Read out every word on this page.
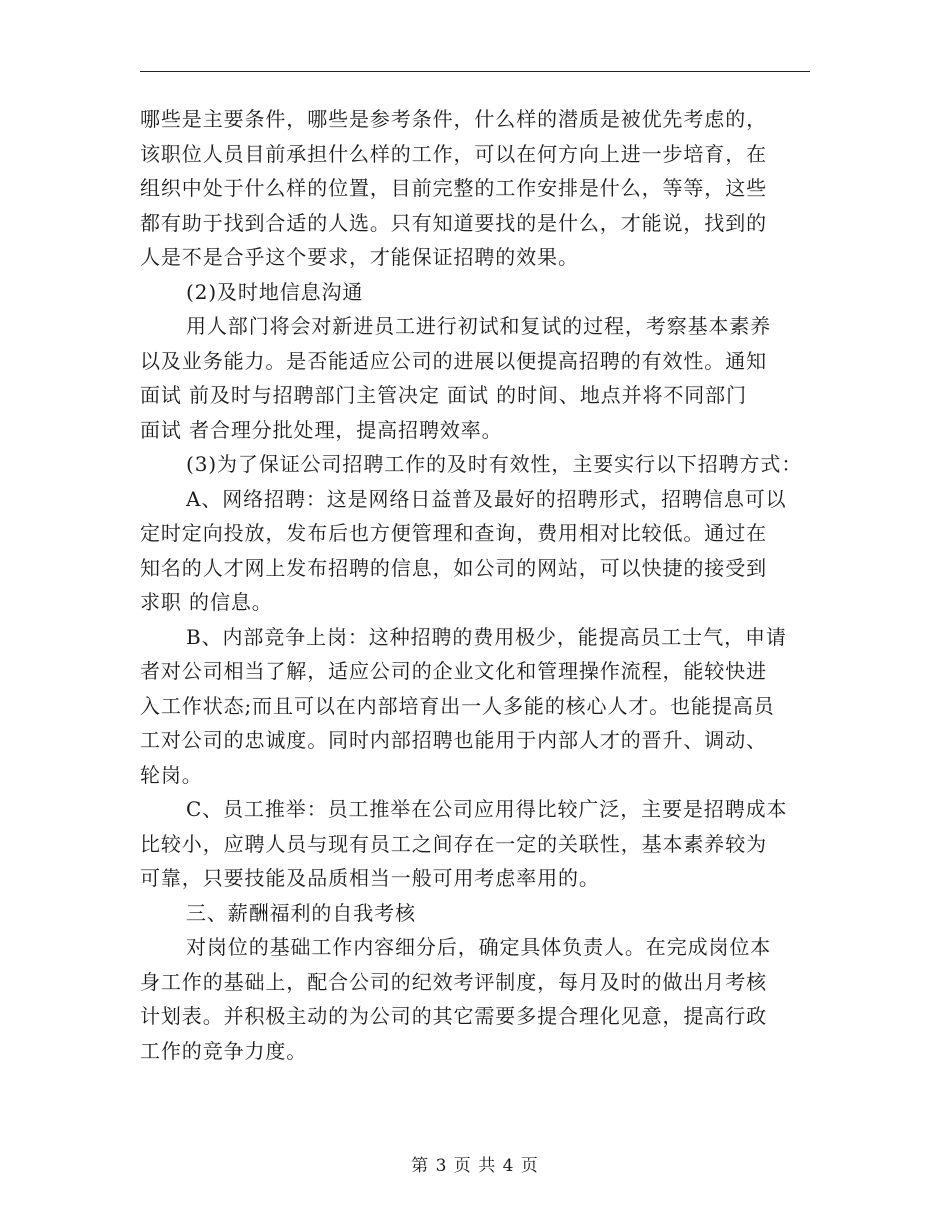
哪些是主要条件，哪些是参考条件，什么样的潜质是被优先考虑的，
该职位人员目前承担什么样的工作，可以在何方向上进一步培育，在
组织中处于什么样的位置，目前完整的工作安排是什么，等等，这些
都有助于找到合适的人选。只有知道要找的是什么，才能说，找到的
人是不是合乎这个要求，才能保证招聘的效果。
(2)及时地信息沟通
用人部门将会对新进员工进行初试和复试的过程，考察基本素养
以及业务能力。是否能适应公司的进展以便提高招聘的有效性。通知
面试 前及时与招聘部门主管决定 面试 的时间、地点并将不同部门
面试 者合理分批处理，提高招聘效率。
(3)为了保证公司招聘工作的及时有效性，主要实行以下招聘方式：
A、网络招聘：这是网络日益普及最好的招聘形式，招聘信息可以
定时定向投放，发布后也方便管理和查询，费用相对比较低。通过在
知名的人才网上发布招聘的信息，如公司的网站，可以快捷的接受到
求职 的信息。
B、内部竞争上岗：这种招聘的费用极少，能提高员工士气，申请
者对公司相当了解，适应公司的企业文化和管理操作流程，能较快进
入工作状态;而且可以在内部培育出一人多能的核心人才。也能提高员
工对公司的忠诚度。同时内部招聘也能用于内部人才的晋升、调动、
轮岗。
C、员工推举：员工推举在公司应用得比较广泛，主要是招聘成本
比较小，应聘人员与现有员工之间存在一定的关联性，基本素养较为
可靠，只要技能及品质相当一般可用考虑率用的。
三、薪酬福利的自我考核
对岗位的基础工作内容细分后，确定具体负责人。在完成岗位本
身工作的基础上，配合公司的纪效考评制度，每月及时的做出月考核
计划表。并积极主动的为公司的其它需要多提合理化见意，提高行政
工作的竞争力度。
第 3 页 共 4 页
